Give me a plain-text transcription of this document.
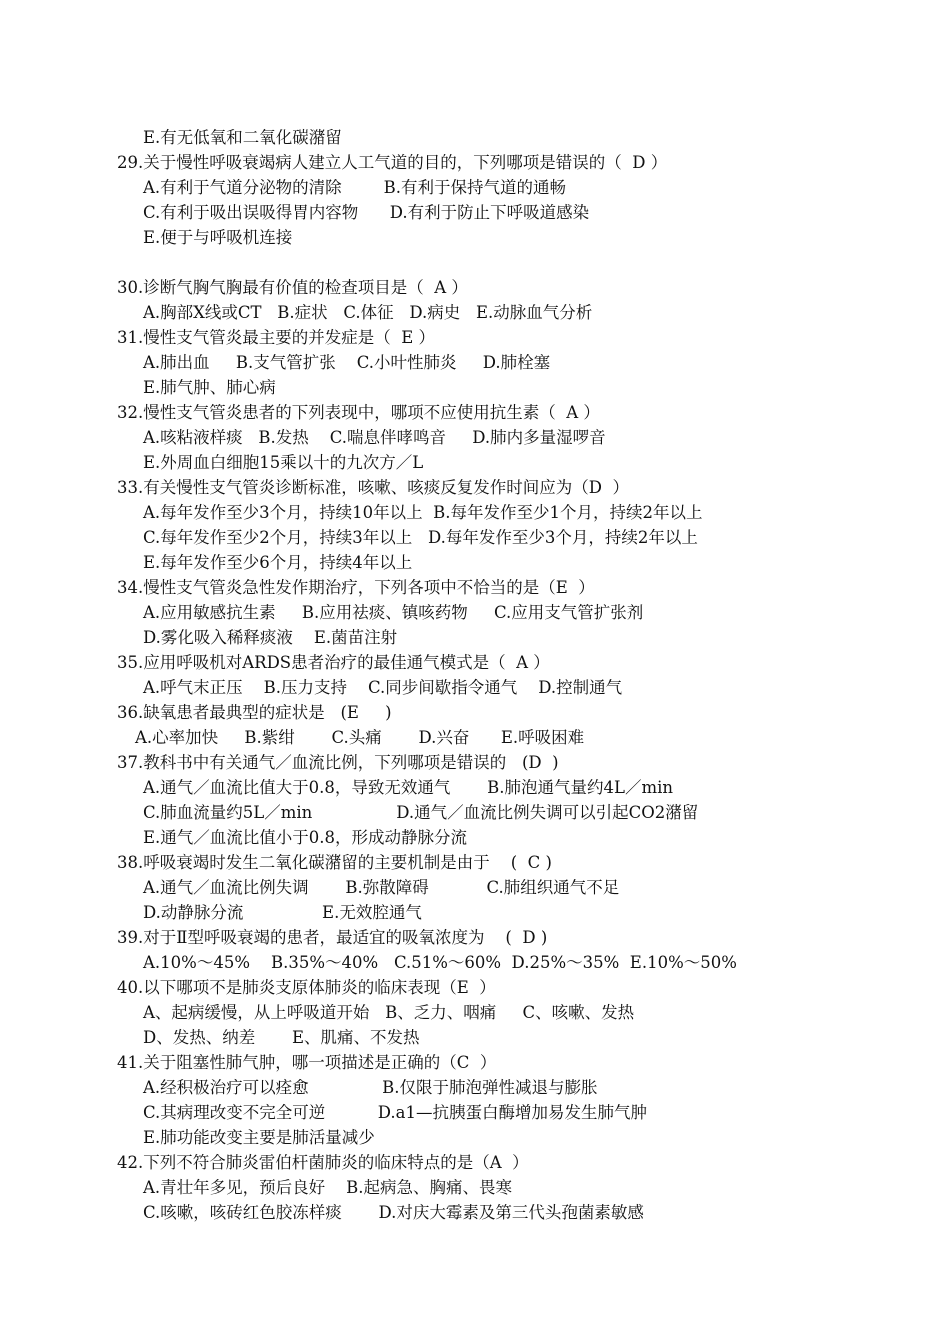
E.有无低氧和二氧化碳潴留
29.关于慢性呼吸衰竭病人建立人工气道的目的，下列哪项是错误的（  D ）
A.有利于气道分泌物的清除        B.有利于保持气道的通畅
C.有利于吸出误吸得胃内容物      D.有利于防止下呼吸道感染
E.便于与呼吸机连接
30.诊断气胸气胸最有价值的检查项目是（  A ）
A.胸部X线或CT   B.症状   C.体征   D.病史   E.动脉血气分析
31.慢性支气管炎最主要的并发症是（  E ）
A.肺出血     B.支气管扩张    C.小叶性肺炎     D.肺栓塞
E.肺气肿、肺心病
32.慢性支气管炎患者的下列表现中，哪项不应使用抗生素（  A ）
A.咳粘液样痰   B.发热    C.喘息伴哮鸣音     D.肺内多量湿啰音
E.外周血白细胞15乘以十的九次方／L
33.有关慢性支气管炎诊断标准，咳嗽、咳痰反复发作时间应为（D  ）
A.每年发作至少3个月，持续10年以上  B.每年发作至少1个月，持续2年以上
C.每年发作至少2个月，持续3年以上   D.每年发作至少3个月，持续2年以上
E.每年发作至少6个月，持续4年以上
34.慢性支气管炎急性发作期治疗，下列各项中不恰当的是（E  ）
A.应用敏感抗生素     B.应用祛痰、镇咳药物     C.应用支气管扩张剂
D.雾化吸入稀释痰液    E.菌苗注射
35.应用呼吸机对ARDS患者治疗的最佳通气模式是（  A ）
A.呼气末正压    B.压力支持    C.同步间歇指令通气    D.控制通气
36.缺氧患者最典型的症状是   (E     )
A.心率加快     B.紫绀       C.头痛       D.兴奋      E.呼吸困难
37.教科书中有关通气／血流比例，下列哪项是错误的   (D  )
A.通气／血流比值大于0.8，导致无效通气       B.肺泡通气量约4L／min
C.肺血流量约5L／min                D.通气／血流比例失调可以引起CO2潴留
E.通气／血流比值小于0.8，形成动静脉分流
38.呼吸衰竭时发生二氧化碳潴留的主要机制是由于    (  C )
A.通气／血流比例失调       B.弥散障碍           C.肺组织通气不足
D.动静脉分流               E.无效腔通气
39.对于Ⅱ型呼吸衰竭的患者，最适宜的吸氧浓度为    (  D )
A.10%～45%    B.35%～40%   C.51%～60%  D.25%～35%  E.10%～50%
40.以下哪项不是肺炎支原体肺炎的临床表现（E  ）
A、起病缓慢，从上呼吸道开始   B、乏力、咽痛     C、咳嗽、发热
D、发热、纳差       E、肌痛、不发热
41.关于阻塞性肺气肿，哪一项描述是正确的（C  ）
A.经积极治疗可以痊愈              B.仅限于肺泡弹性减退与膨胀
C.其病理改变不完全可逆          D.a1—抗胰蛋白酶增加易发生肺气肿
E.肺功能改变主要是肺活量减少
42.下列不符合肺炎雷伯杆菌肺炎的临床特点的是（A  ）
A.青壮年多见，预后良好    B.起病急、胸痛、畏寒
C.咳嗽，咳砖红色胶冻样痰       D.对庆大霉素及第三代头孢菌素敏感
